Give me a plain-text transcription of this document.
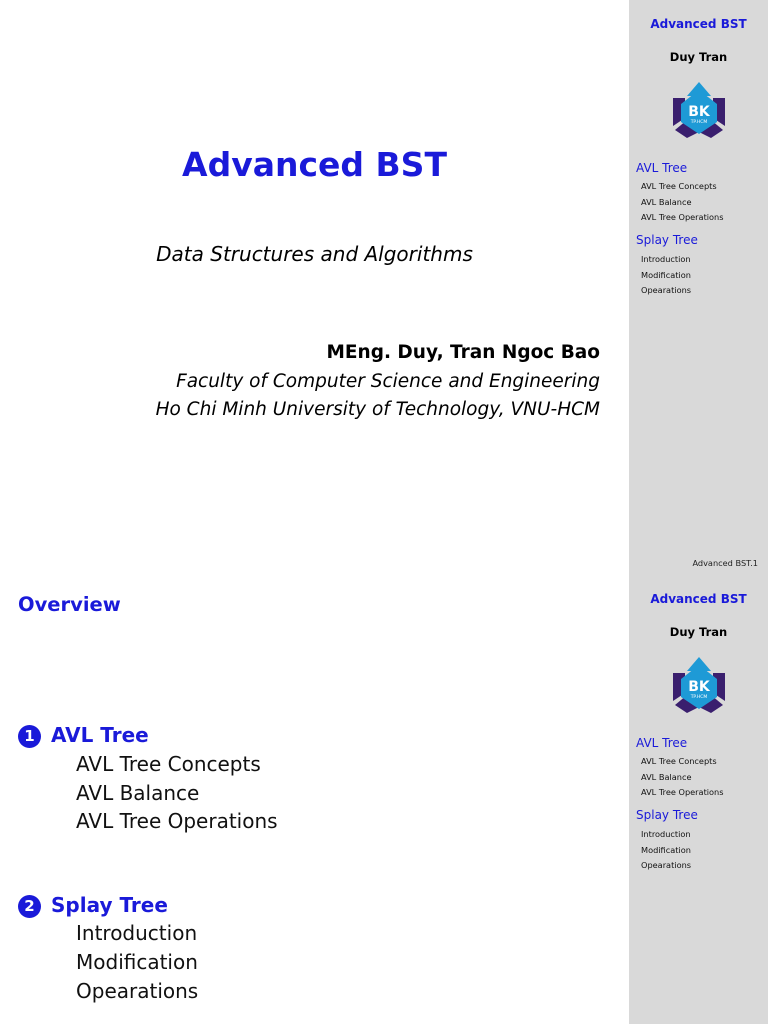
Advanced BST
Duy Tran
BK
TP.HCM
AVL Tree
AVL Tree Concepts
AVL Balance
AVL Tree Operations
Splay Tree
Introduction
Modification
Opearations
Advanced BST
Data Structures and Algorithms
MEng. Duy, Tran Ngoc Bao
Faculty of Computer Science and Engineering
Ho Chi Minh University of Technology, VNU-HCM
Advanced BST.1
Advanced BST
Duy Tran
BK
TP.HCM
AVL Tree
AVL Tree Concepts
AVL Balance
AVL Tree Operations
Splay Tree
Introduction
Modification
Opearations
Overview
1 AVL Tree
AVL Tree Concepts
AVL Balance
AVL Tree Operations
2 Splay Tree
Introduction
Modification
Opearations
